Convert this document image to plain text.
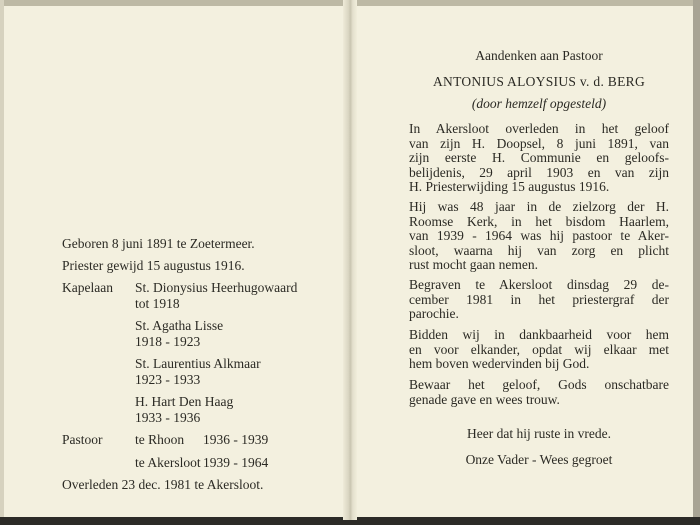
Geboren 8 juni 1891 te Zoetermeer.
Priester gewijd 15 augustus 1916.
Kapelaan St. Dionysius Heerhugowaard
tot 1918
St. Agatha Lisse
1918 - 1923
St. Laurentius Alkmaar
1923 - 1933
H. Hart Den Haag
1933 - 1936
Pastoor te Rhoon 1936 - 1939
te Akersloot 1939 - 1964
Overleden 23 dec. 1981 te Akersloot.
Aandenken aan Pastoor
ANTONIUS ALOYSIUS v. d. BERG
(door hemzelf opgesteld)
In Akersloot overleden in het geloof
van zijn H. Doopsel, 8 juni 1891, van
zijn eerste H. Communie en geloofs-
belijdenis, 29 april 1903 en van zijn
H. Priesterwijding 15 augustus 1916.
Hij was 48 jaar in de zielzorg der H.
Roomse Kerk, in het bisdom Haarlem,
van 1939 - 1964 was hij pastoor te Aker-
sloot, waarna hij van zorg en plicht
rust mocht gaan nemen.
Begraven te Akersloot dinsdag 29 de-
cember 1981 in het priestergraf der
parochie.
Bidden wij in dankbaarheid voor hem
en voor elkander, opdat wij elkaar met
hem boven wedervinden bij God.
Bewaar het geloof, Gods onschatbare
genade gave en wees trouw.
Heer dat hij ruste in vrede.
Onze Vader - Wees gegroet
